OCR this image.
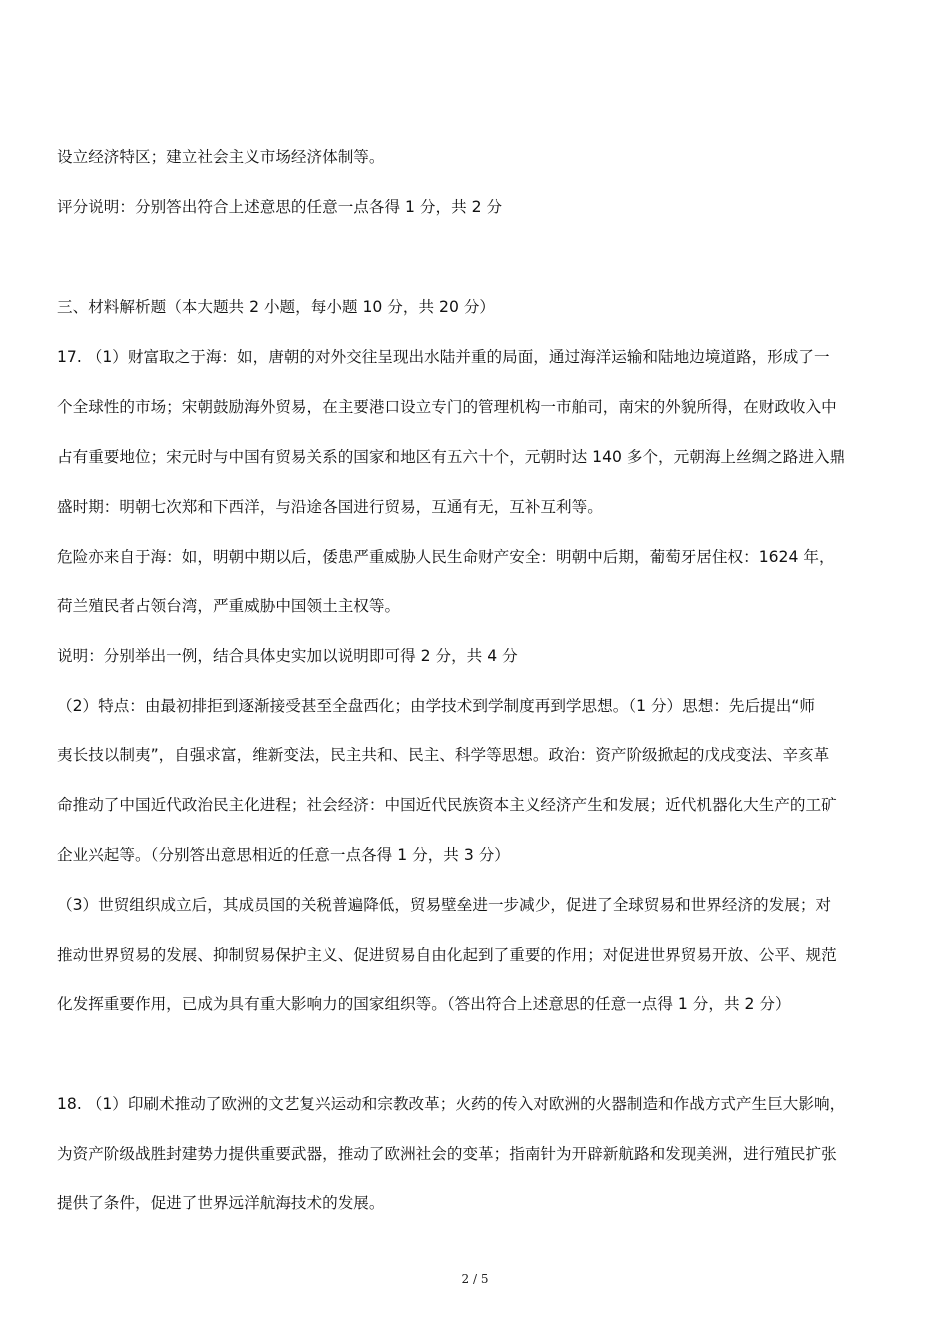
设立经济特区；建立社会主义市场经济体制等。
评分说明：分别答出符合上述意思的任意一点各得 1 分，共 2 分
三、材料解析题（本大题共 2 小题，每小题 10 分，共 20 分）
17. （1）财富取之于海：如，唐朝的对外交往呈现出水陆并重的局面，通过海洋运输和陆地边境道路，形成了一
个全球性的市场；宋朝鼓励海外贸易，在主要港口设立专门的管理机构一市舶司，南宋的外貌所得，在财政收入中
占有重要地位；宋元时与中国有贸易关系的国家和地区有五六十个，元朝时达 140 多个，元朝海上丝绸之路进入鼎
盛时期：明朝七次郑和下西洋，与沿途各国进行贸易，互通有无，互补互利等。
危险亦来自于海：如，明朝中期以后，倭患严重威胁人民生命财产安全：明朝中后期，葡萄牙居住权：1624 年，
荷兰殖民者占领台湾，严重威胁中国领土主权等。
说明：分别举出一例，结合具体史实加以说明即可得 2 分，共 4 分
（2）特点：由最初排拒到逐渐接受甚至全盘西化；由学技术到学制度再到学思想。（1 分）思想：先后提出“师
夷长技以制夷”，自强求富，维新变法，民主共和、民主、科学等思想。政治：资产阶级掀起的戊戌变法、辛亥革
命推动了中国近代政治民主化进程；社会经济：中国近代民族资本主义经济产生和发展；近代机器化大生产的工矿
企业兴起等。（分别答出意思相近的任意一点各得 1 分，共 3 分）
（3）世贸组织成立后，其成员国的关税普遍降低，贸易壁垒进一步减少，促进了全球贸易和世界经济的发展；对
推动世界贸易的发展、抑制贸易保护主义、促进贸易自由化起到了重要的作用；对促进世界贸易开放、公平、规范
化发挥重要作用，已成为具有重大影响力的国家组织等。（答出符合上述意思的任意一点得 1 分，共 2 分）
18. （1）印刷术推动了欧洲的文艺复兴运动和宗教改革；火药的传入对欧洲的火器制造和作战方式产生巨大影响，
为资产阶级战胜封建势力提供重要武器，推动了欧洲社会的变革；指南针为开辟新航路和发现美洲，进行殖民扩张
提供了条件，促进了世界远洋航海技术的发展。
2 / 5
